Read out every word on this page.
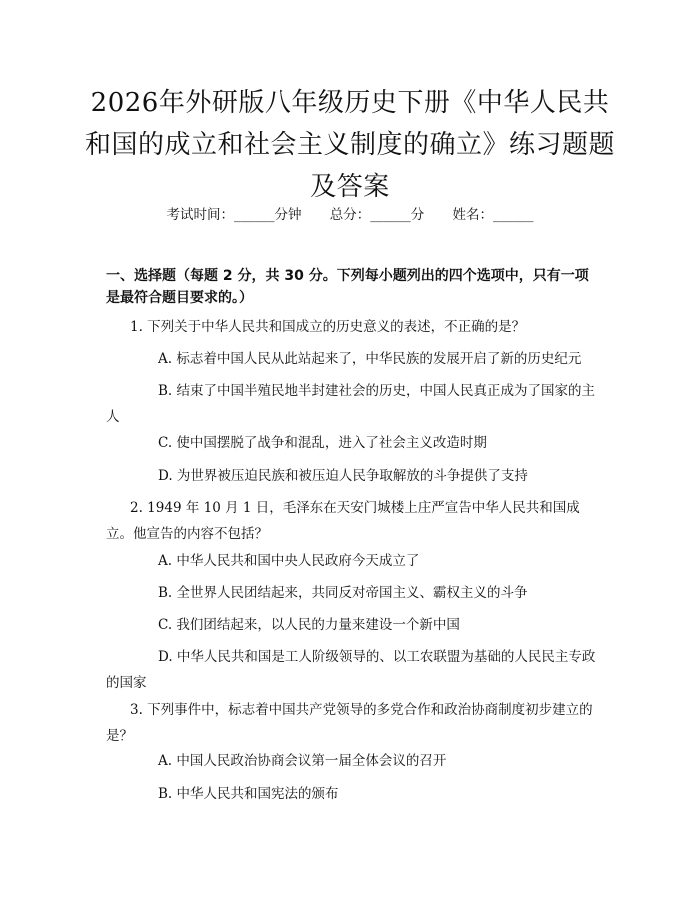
2026年外研版八年级历史下册《中华人民共和国的成立和社会主义制度的确立》练习题题及答案
考试时间：______分钟 总分：______分 姓名：______
一、选择题（每题 2 分，共 30 分。下列每小题列出的四个选项中，只有一项是最符合题目要求的。）
1. 下列关于中华人民共和国成立的历史意义的表述，不正确的是？
A. 标志着中国人民从此站起来了，中华民族的发展开启了新的历史纪元
B. 结束了中国半殖民地半封建社会的历史，中国人民真正成为了国家的主人
C. 使中国摆脱了战争和混乱，进入了社会主义改造时期
D. 为世界被压迫民族和被压迫人民争取解放的斗争提供了支持
2. 1949 年 10 月 1 日，毛泽东在天安门城楼上庄严宣告中华人民共和国成立。他宣告的内容不包括？
A. 中华人民共和国中央人民政府今天成立了
B. 全世界人民团结起来，共同反对帝国主义、霸权主义的斗争
C. 我们团结起来，以人民的力量来建设一个新中国
D. 中华人民共和国是工人阶级领导的、以工农联盟为基础的人民民主专政的国家
3. 下列事件中，标志着中国共产党领导的多党合作和政治协商制度初步建立的是？
A. 中国人民政治协商会议第一届全体会议的召开
B. 中华人民共和国宪法的颁布
